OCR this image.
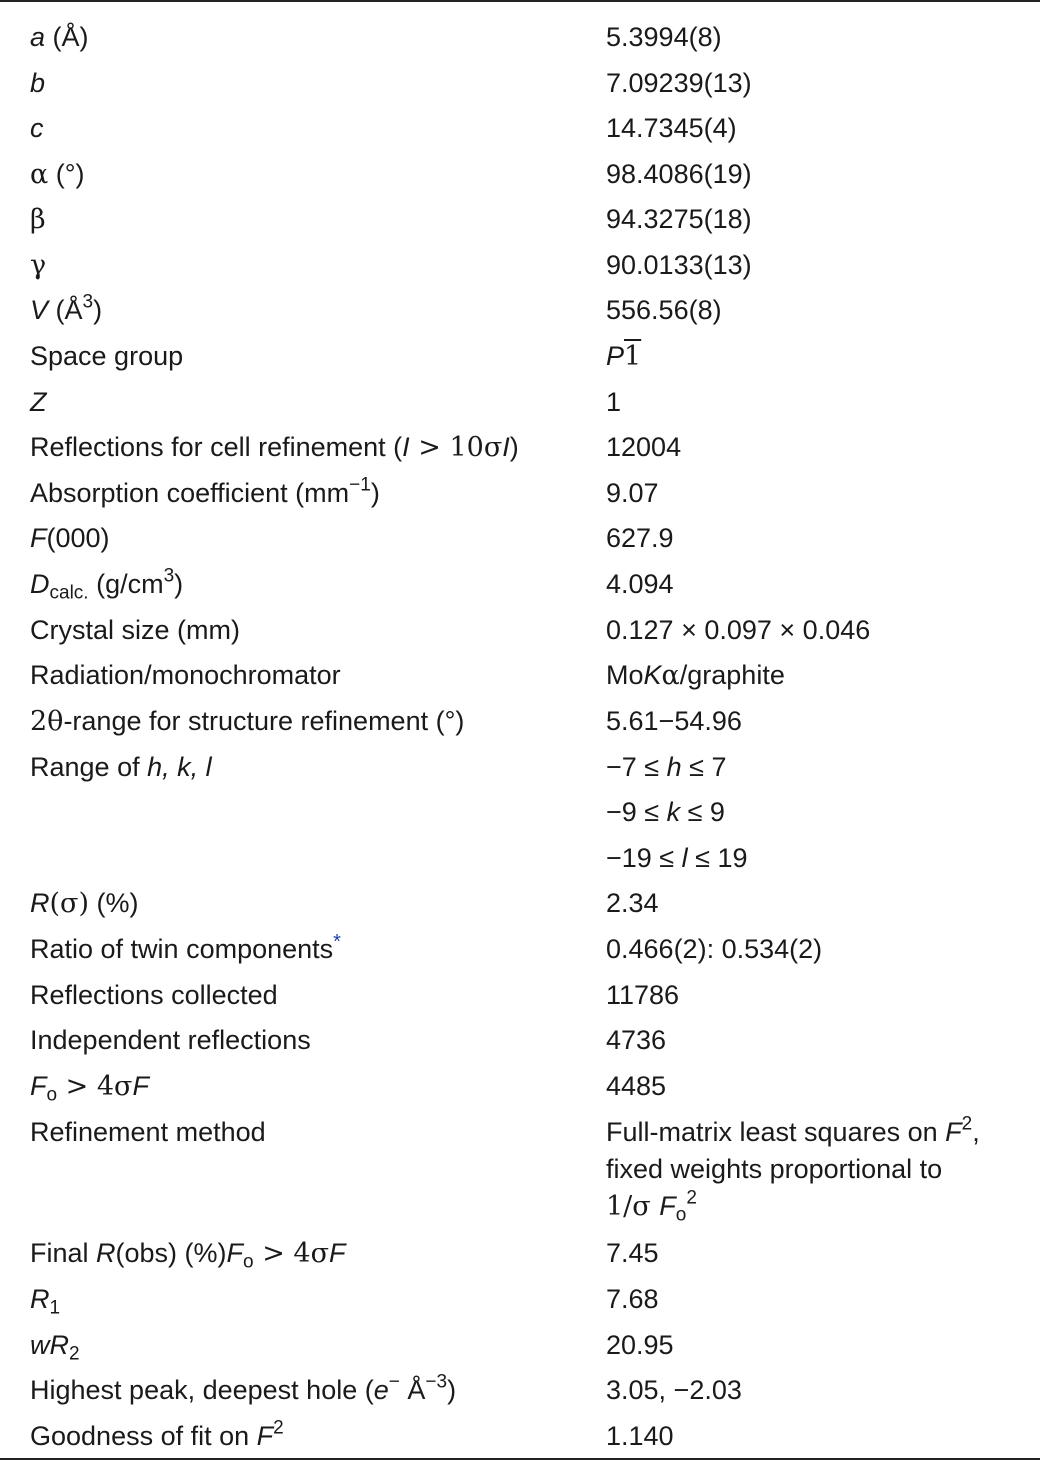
a (Å)	5.3994(8)
b	7.09239(13)
c	14.7345(4)
α (°)	98.4086(19)
β	94.3275(18)
γ	90.0133(13)
V $(Å^3)$	556.56(8)
Space group	P1
Z	1
Reflections for cell refinement (I > 10σI)	12004
Absorption coefficient $(mm^{-1})$	9.07
F(000)	627.9
$D_{calc.}$ $(g/cm^3)$	4.094
Crystal size (mm)	0.127 × 0.097 × 0.046
Radiation/monochromator	MoKα/graphite
2θ-range for structure refinement (°)	5.61−54.96
Range of h, k, l	−7 ≤ h ≤ 7
−9 ≤ k ≤ 9
−19 ≤ l ≤ 19
R(σ) (%)	2.34
Ratio of twin components*	0.466(2): 0.534(2)
Reflections collected	11786
Independent reflections	4736
$F_o > 4\sigma F$	4485
Refinement method	Full-matrix least squares on $F^2$,
fixed weights proportional to
1/σ $F_o^2$
Final R(obs) $(\%)F_o > 4\sigma F$	7.45
$R_1$	7.68
$wR_2$	20.95
Highest peak, deepest hole (e− $Å^{-3}$)	3.05, −2.03
Goodness of fit on $F^2$	1.140
